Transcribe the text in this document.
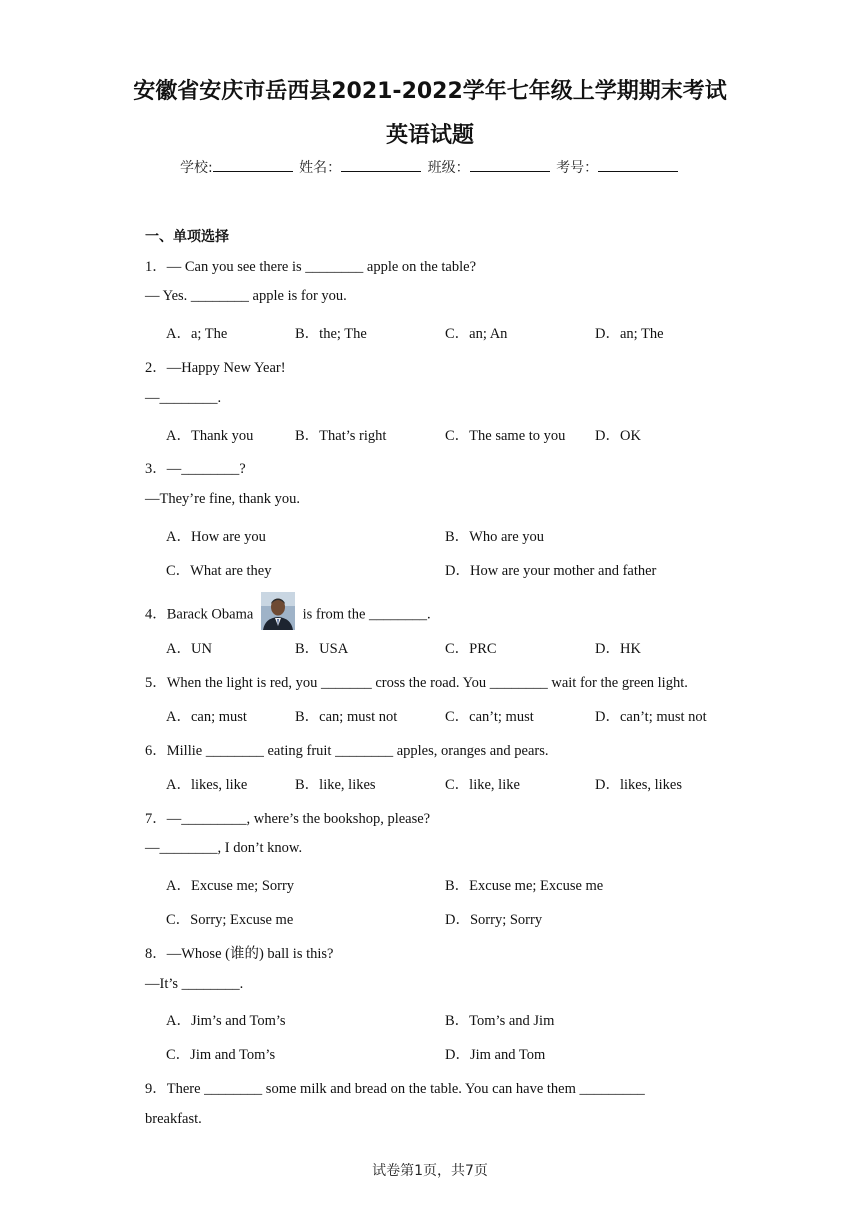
安徽省安庆市岳西县2021-2022学年七年级上学期期末考试
英语试题
学校:	姓名：	班级：	考号：
一、单项选择
1．— Can you see there is ________ apple on the table?
— Yes. ________ apple is for you.
A．a; The	B．the; The	C．an; An	D．an; The
2．—Happy New Year!
—________.
A．Thank you	B．That’s right	C．The same to you D．OK
3．—________?
—They’re fine, thank you.
A．How are you	B．Who are you
C．What are they	D．How are your mother and father
4．Barack Obama	is from the ________.
A．UN	B．USA	C．PRC	D．HK
5．When the light is red, you _______ cross the road. You ________ wait for the green light.
A．can; must	B．can; must not	C．can’t; must	D．can’t; must not
6．Millie ________ eating fruit ________ apples, oranges and pears.
A．likes, like	B．like, likes	C．like, like	D．likes, likes
7．—_________, where’s the bookshop, please?
—________, I don’t know.
A．Excuse me; Sorry	B．Excuse me; Excuse me
C．Sorry; Excuse me	D．Sorry; Sorry
8．—Whose (谁的) ball is this?
—It’s ________.
A．Jim’s and Tom’s	B．Tom’s and Jim
C．Jim and Tom’s	D．Jim and Tom
9．There ________ some milk and bread on the table. You can have them _________
breakfast.
试卷第1页，共7页
